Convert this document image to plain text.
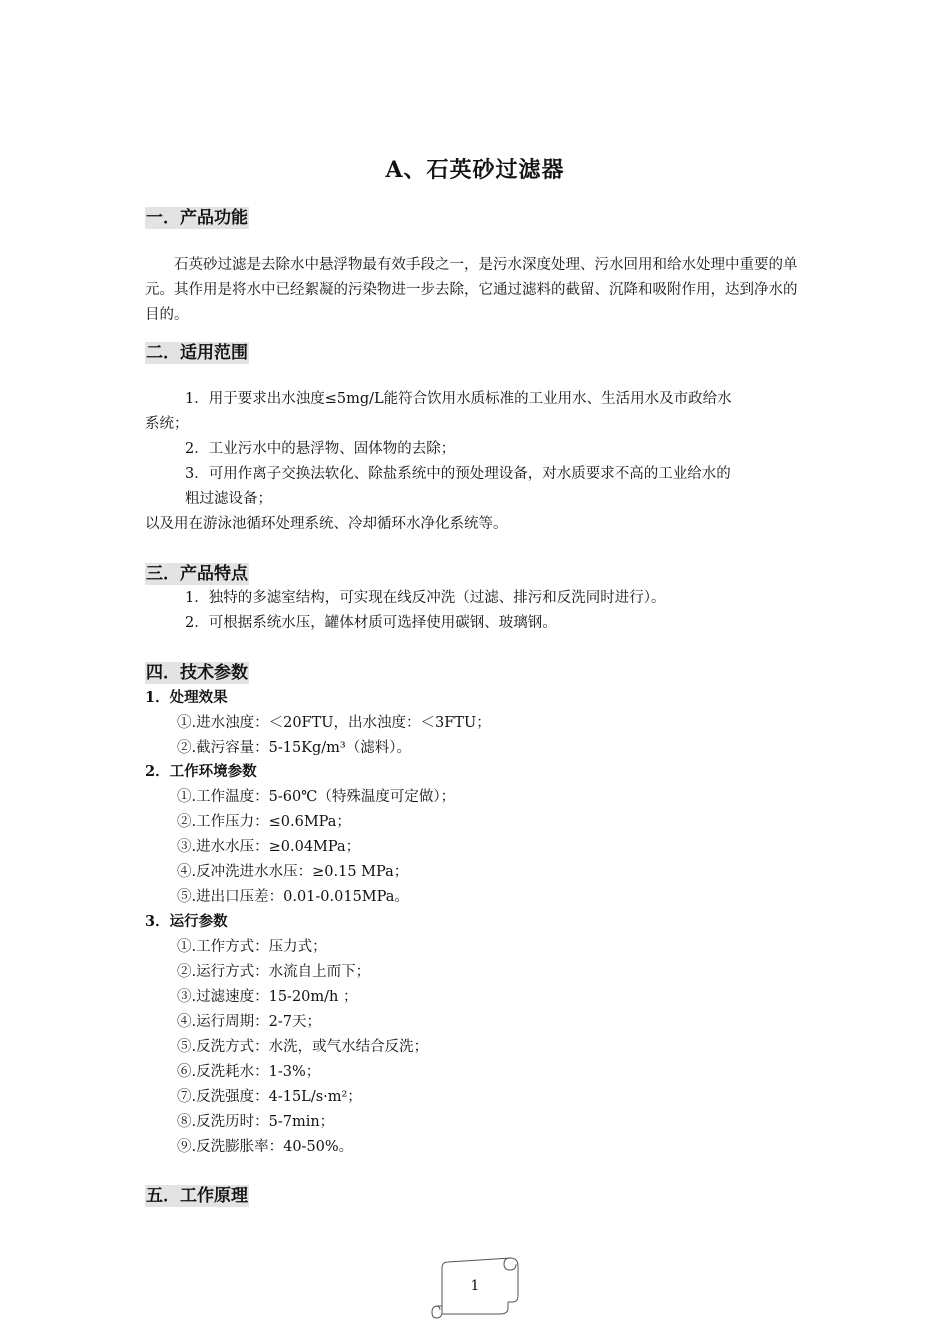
A、石英砂过滤器
一．产品功能
石英砂过滤是去除水中悬浮物最有效手段之一，是污水深度处理、污水回用和给水处理中重要的单元。其作用是将水中已经絮凝的污染物进一步去除，它通过滤料的截留、沉降和吸附作用，达到净水的目的。
二．适用范围
1．用于要求出水浊度≤5mg/L能符合饮用水质标准的工业用水、生活用水及市政给水
系统；
2．工业污水中的悬浮物、固体物的去除；
3．可用作离子交换法软化、除盐系统中的预处理设备，对水质要求不高的工业给水的
粗过滤设备；
以及用在游泳池循环处理系统、冷却循环水净化系统等。
三．产品特点
1．独特的多滤室结构，可实现在线反冲洗（过滤、排污和反洗同时进行）。
2．可根据系统水压，罐体材质可选择使用碳钢、玻璃钢。
四．技术参数
1．处理效果
①.进水浊度：＜20FTU，出水浊度：＜3FTU；
②.截污容量：5-15Kg/m³（滤料）。
2．工作环境参数
①.工作温度：5-60℃（特殊温度可定做）；
②.工作压力：≤0.6MPa；
③.进水水压：≥0.04MPa；
④.反冲洗进水水压：≥0.15 MPa；
⑤.进出口压差：0.01-0.015MPa。
3．运行参数
①.工作方式：压力式；
②.运行方式：水流自上而下；
③.过滤速度：15-20m/h ；
④.运行周期：2-7天；
⑤.反洗方式：水洗，或气水结合反洗；
⑥.反洗耗水：1-3%；
⑦.反洗强度：4-15L/s·m²；
⑧.反洗历时：5-7min；
⑨.反洗膨胀率：40-50%。
五．工作原理
1
